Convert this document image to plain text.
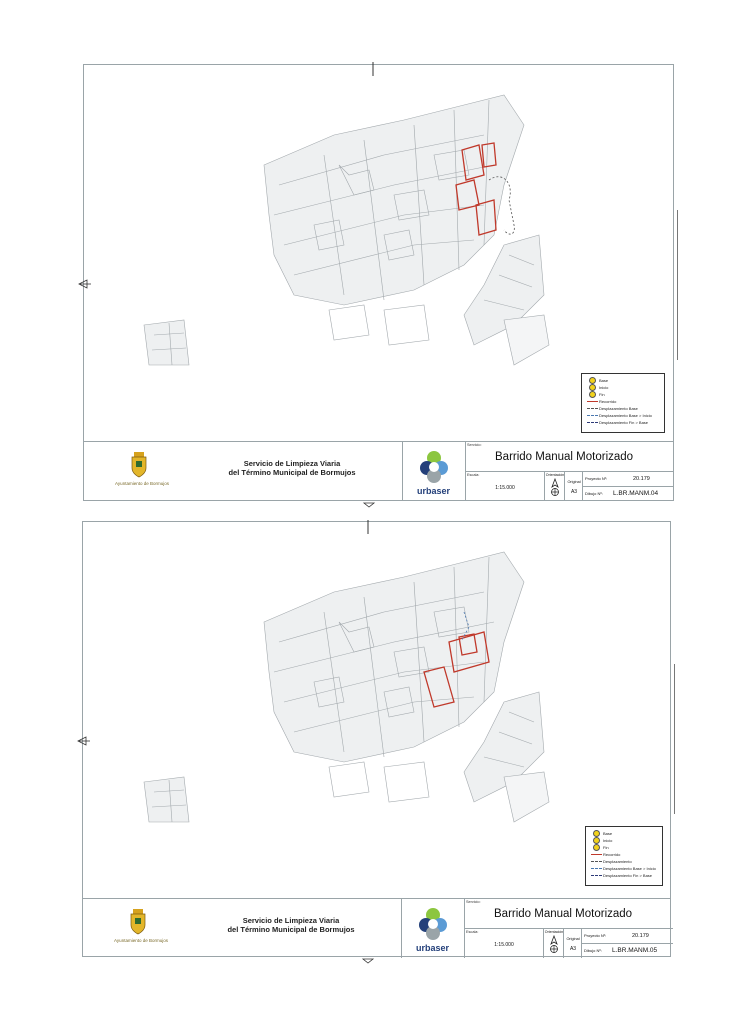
Base
Inicio
Fin
Recorrido
Desplazamiento Base
Desplazamiento Base > Inicio
Desplazamiento Fin > Base
Ayuntamiento de Bormujos
Servicio de Limpieza Viaria
del Término Municipal de Bormujos
urbaser
Servicio:
Barrido Manual Motorizado
Escala:
1:15.000
Orientación
Original
A3
Proyecto Nº:	20.179
Dibujo Nº: L.BR.MANM.04
Base
Inicio
Fin
Recorrido
Desplazamiento
Desplazamiento Base > Inicio
Desplazamiento Fin > Base
Ayuntamiento de Bormujos
Servicio de Limpieza Viaria
del Término Municipal de Bormujos
urbaser
Servicio:
Barrido Manual Motorizado
Escala:
1:15.000
Orientación
Original
A3
Proyecto Nº:	20.179
Dibujo Nº: L.BR.MANM.05
